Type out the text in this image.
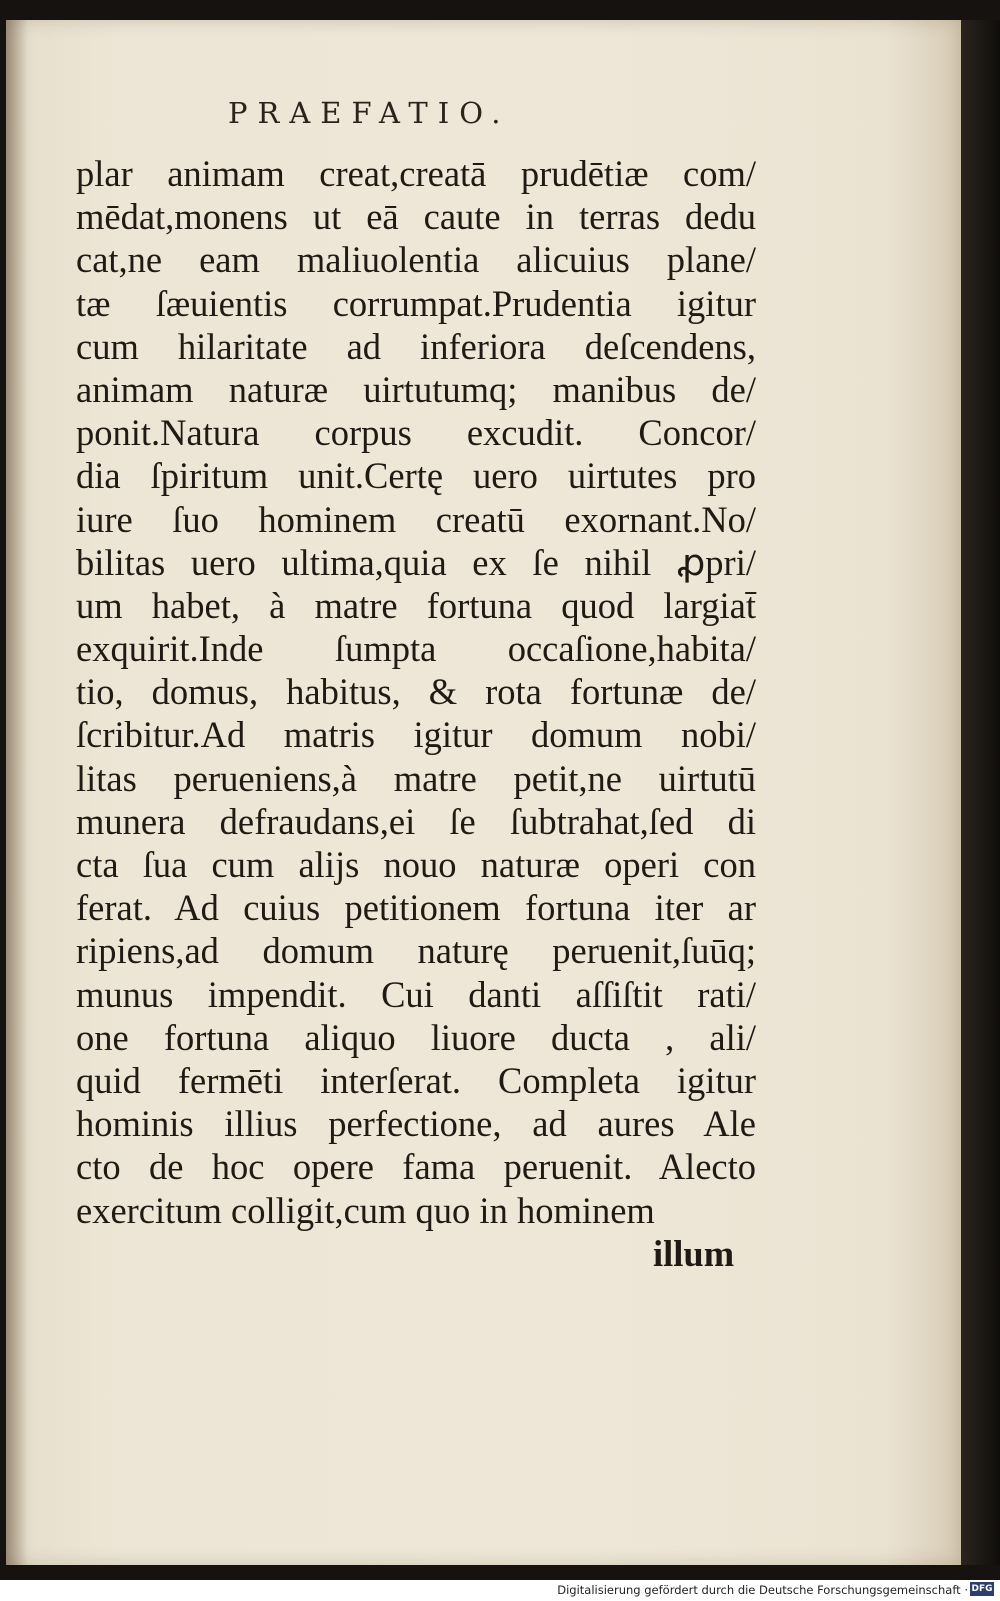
PRAEFATIO.
plar animam creat,creatā prudētiæ com/
mēdat,monens ut eā caute in terras dedu
cat,ne eam maliuolentia alicuius plane/
tæ ſæuientis corrumpat.Prudentia igitur
cum hilaritate ad inferiora deſcendens,
animam naturæ uirtutumq; manibus de/
ponit.Natura corpus excudit. Concor/
dia ſpiritum unit.Certę uero uirtutes pro
iure ſuo hominem creatū exornant.No/
bilitas uero ultima,quia ex ſe nihil ꝓpri/
um habet, à matre fortuna quod largiat̄
exquirit.Inde ſumpta occaſione,habita/
tio, domus, habitus, & rota fortunæ de/
ſcribitur.Ad matris igitur domum nobi/
litas perueniens,à matre petit,ne uirtutū
munera defraudans,ei ſe ſubtrahat,ſed di
cta ſua cum alijs nouo naturæ operi con
ferat. Ad cuius petitionem fortuna iter ar
ripiens,ad domum naturę peruenit,ſuūq;
munus impendit. Cui danti aſſiſtit rati/
one fortuna aliquo liuore ducta , ali/
quid fermēti interſerat. Completa igitur
hominis illius perfectione, ad aures Ale
cto de hoc opere fama peruenit. Alecto
exercitum colligit,cum quo in hominem
illum
Digitalisierung gefördert durch die Deutsche Forschungsgemeinschaft · DFG
